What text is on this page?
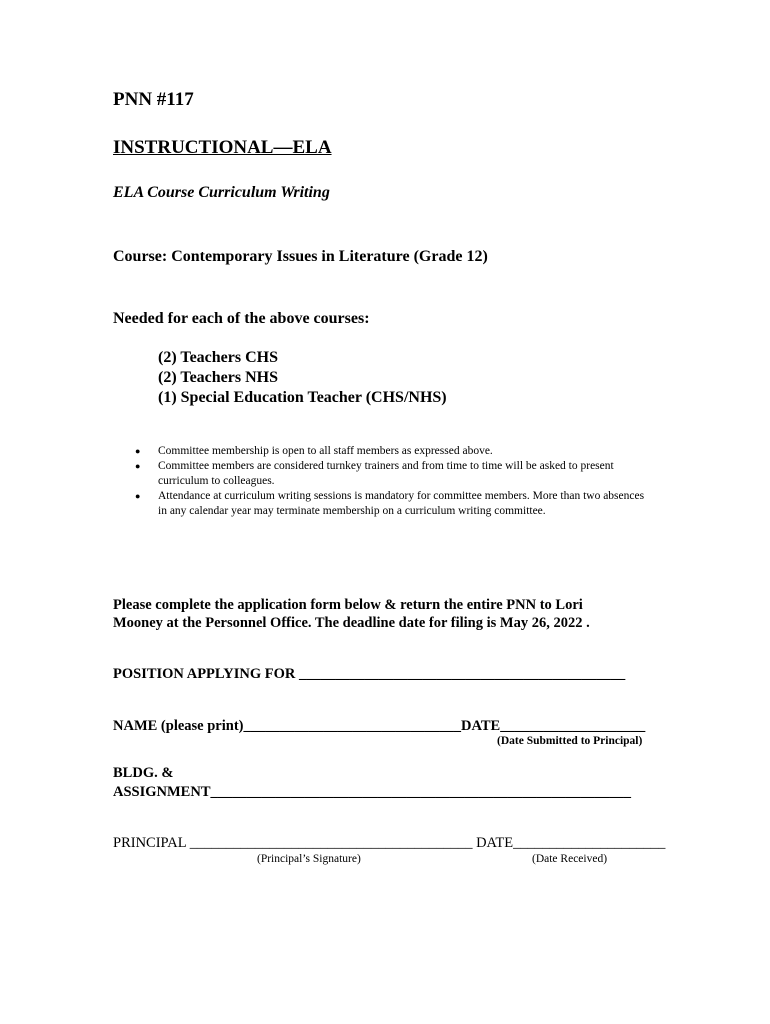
PNN #117
INSTRUCTIONAL—ELA
ELA Course Curriculum Writing
Course: Contemporary Issues in Literature (Grade 12)
Needed for each of the above courses:
(2) Teachers CHS
(2) Teachers NHS
(1) Special Education Teacher (CHS/NHS)
● Committee membership is open to all staff members as expressed above.
● Committee members are considered turnkey trainers and from time to time will be asked to present curriculum to colleagues.
● Attendance at curriculum writing sessions is mandatory for committee members. More than two absences in any calendar year may terminate membership on a curriculum writing committee.
Please complete the application form below & return the entire PNN to Lori
Mooney at the Personnel Office. The deadline date for filing is May 26, 2022 .
POSITION APPLYING FOR _____________________________________________
NAME (please print)______________________________DATE____________________
(Date Submitted to Principal)
BLDG. &
ASSIGNMENT__________________________________________________________
PRINCIPAL _______________________________________ DATE_____________________
(Principal’s Signature)	(Date Received)
